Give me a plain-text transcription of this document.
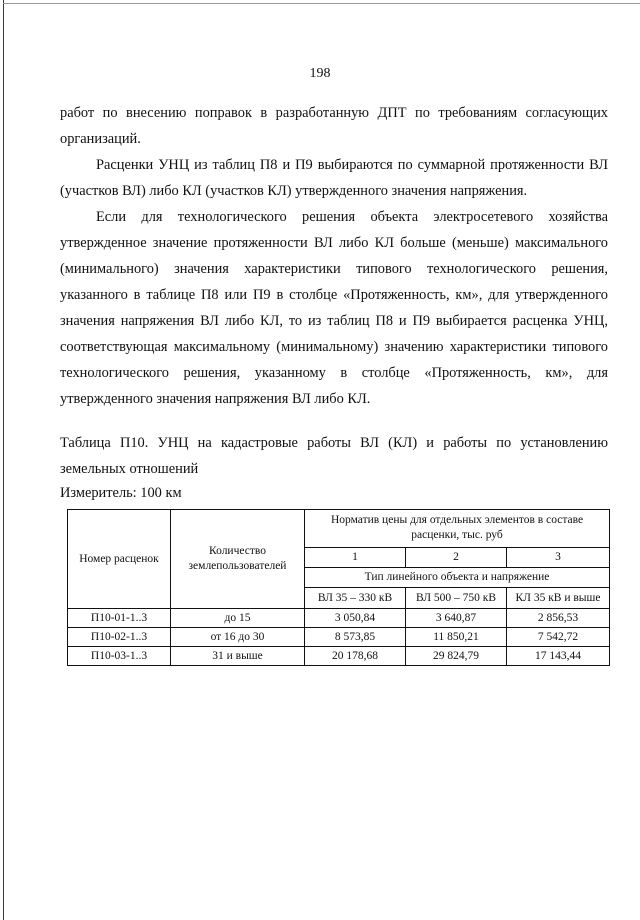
198

работ по внесению поправок в разработанную ДПТ по требованиям согласующих организаций.

Расценки УНЦ из таблиц П8 и П9 выбираются по суммарной протяженности ВЛ (участков ВЛ) либо КЛ (участков КЛ) утвержденного значения напряжения.

Если для технологического решения объекта электросетевого хозяйства утвержденное значение протяженности ВЛ либо КЛ больше (меньше) максимального (минимального) значения характеристики типового технологического решения, указанного в таблице П8 или П9 в столбце «Протяженность, км», для утвержденного значения напряжения ВЛ либо КЛ, то из таблиц П8 и П9 выбирается расценка УНЦ, соответствующая максимальному (минимальному) значению характеристики типового технологического решения, указанному в столбце «Протяженность, км», для утвержденного значения напряжения ВЛ либо КЛ.

Таблица П10. УНЦ на кадастровые работы ВЛ (КЛ) и работы по установлению земельных отношений

Измеритель: 100 км
Номер расценок	Количество землепользователей	Норматив цены для отдельных элементов в составе расценки, тыс. руб		
		1	2	3
		Тип линейного объекта и напряжение		
		ВЛ 35 – 330 кВ	ВЛ 500 – 750 кВ	КЛ 35 кВ и выше
П10-01-1..3	до 15	3 050,84	3 640,87	2 856,53
П10-02-1..3	от 16 до 30	8 573,85	11 850,21	7 542,72
П10-03-1..3	31 и выше	20 178,68	29 824,79	17 143,44
